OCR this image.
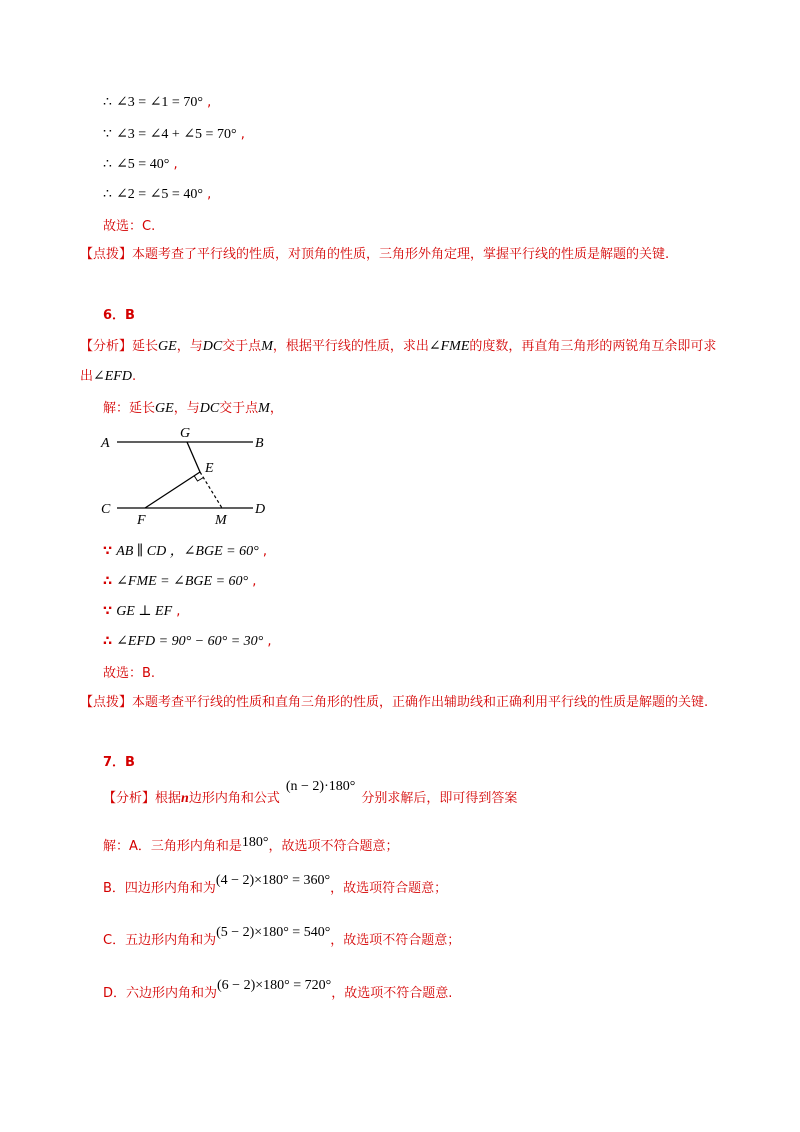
∴ ∠3 = ∠1 = 70° ,
∵ ∠3 = ∠4 + ∠5 = 70° ,
∴ ∠5 = 40° ,
∴ ∠2 = ∠5 = 40° ,
故选：C.
【点拨】本题考查了平行线的性质，对顶角的性质，三角形外角定理，掌握平行线的性质是解题的关键.
6．B
【分析】延长GE，与DC交于点M，根据平行线的性质，求出∠FME的度数，再直角三角形的两锐角互余即可求出∠EFD.
解：延长GE，与DC交于点M，
A	B
G
E
C	D
F	M
∵ AB ∥ CD ，∠BGE = 60° ,
∴ ∠FME = ∠BGE = 60° ,
∵ GE ⊥ EF ,
∴ ∠EFD = 90° − 60° = 30° ,
故选：B.
【点拨】本题考查平行线的性质和直角三角形的性质，正确作出辅助线和正确利用平行线的性质是解题的关键.
7．B
【分析】根据n边形内角和公式(n − 2)·180°分别求解后，即可得到答案
解：A．三角形内角和是180°，故选项不符合题意；
B．四边形内角和为(4 − 2)×180° = 360°，故选项符合题意；
C．五边形内角和为(5 − 2)×180° = 540°，故选项不符合题意；
D．六边形内角和为(6 − 2)×180° = 720°，故选项不符合题意.
